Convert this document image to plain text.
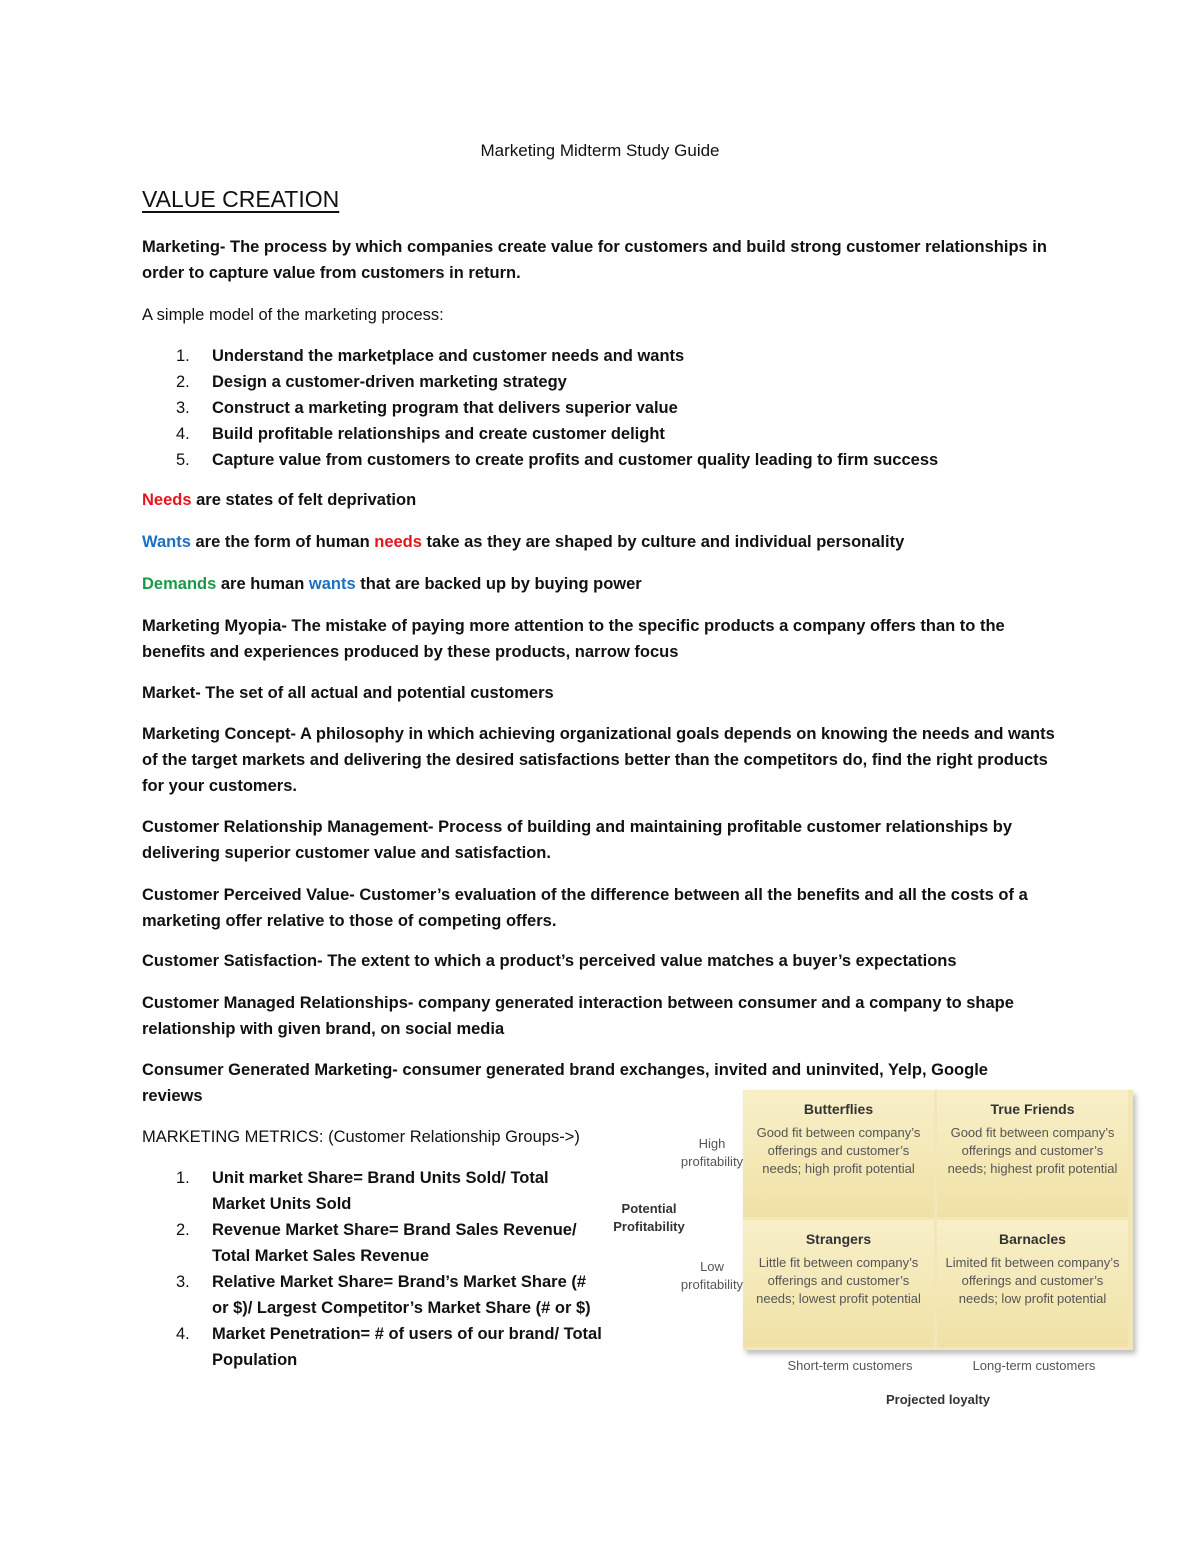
Marketing Midterm Study Guide
VALUE CREATION
Marketing- The process by which companies create value for customers and build strong customer relationships in order to capture value from customers in return.
A simple model of the marketing process:
1. Understand the marketplace and customer needs and wants
2. Design a customer-driven marketing strategy
3. Construct a marketing program that delivers superior value
4. Build profitable relationships and create customer delight
5. Capture value from customers to create profits and customer quality leading to firm success
Needs are states of felt deprivation
Wants are the form of human needs take as they are shaped by culture and individual personality
Demands are human wants that are backed up by buying power
Marketing Myopia- The mistake of paying more attention to the specific products a company offers than to the benefits and experiences produced by these products, narrow focus
Market- The set of all actual and potential customers
Marketing Concept- A philosophy in which achieving organizational goals depends on knowing the needs and wants of the target markets and delivering the desired satisfactions better than the competitors do, find the right products for your customers.
Customer Relationship Management- Process of building and maintaining profitable customer relationships by delivering superior customer value and satisfaction.
Customer Perceived Value- Customer’s evaluation of the difference between all the benefits and all the costs of a marketing offer relative to those of competing offers.
Customer Satisfaction- The extent to which a product’s perceived value matches a buyer’s expectations
Customer Managed Relationships- company generated interaction between consumer and a company to shape relationship with given brand, on social media
Consumer Generated Marketing- consumer generated brand exchanges, invited and uninvited, Yelp, Google reviews
MARKETING METRICS: (Customer Relationship Groups->)
1. Unit market Share= Brand Units Sold/ Total Market Units Sold
2. Revenue Market Share= Brand Sales Revenue/ Total Market Sales Revenue
3. Relative Market Share= Brand’s Market Share (# or $)/ Largest Competitor’s Market Share (# or $)
4. Market Penetration= # of users of our brand/ Total Population
High profitability
Potential Profitability
Low profitability
Butterflies
Good fit between company’s offerings and customer’s needs; high profit potential
True Friends
Good fit between company’s offerings and customer’s needs; highest profit potential
Strangers
Little fit between company’s offerings and customer’s needs; lowest profit potential
Barnacles
Limited fit between company’s offerings and customer’s needs; low profit potential
Short-term customers	Long-term customers
Projected loyalty
